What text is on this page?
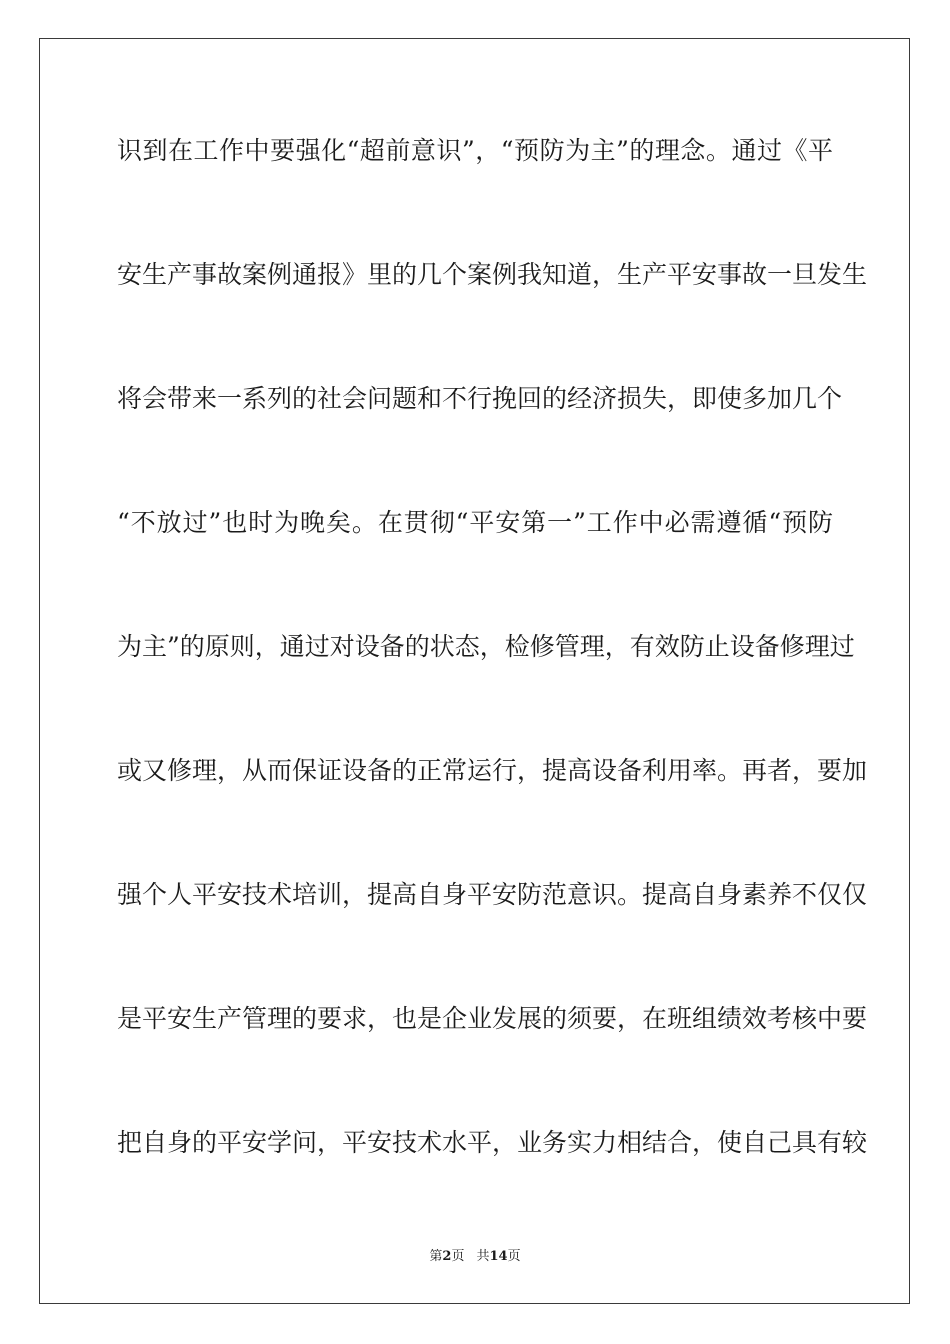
识到在工作中要强化“超前意识”，“预防为主”的理念。通过《平
安生产事故案例通报》里的几个案例我知道，生产平安事故一旦发生
将会带来一系列的社会问题和不行挽回的经济损失，即使多加几个
“不放过”也时为晚矣。在贯彻“平安第一”工作中必需遵循“预防
为主”的原则，通过对设备的状态，检修管理，有效防止设备修理过
或又修理，从而保证设备的正常运行，提高设备利用率。再者，要加
强个人平安技术培训，提高自身平安防范意识。提高自身素养不仅仅
是平安生产管理的要求，也是企业发展的须要，在班组绩效考核中要
把自身的平安学问，平安技术水平，业务实力相结合，使自己具有较
第2页 共14页
